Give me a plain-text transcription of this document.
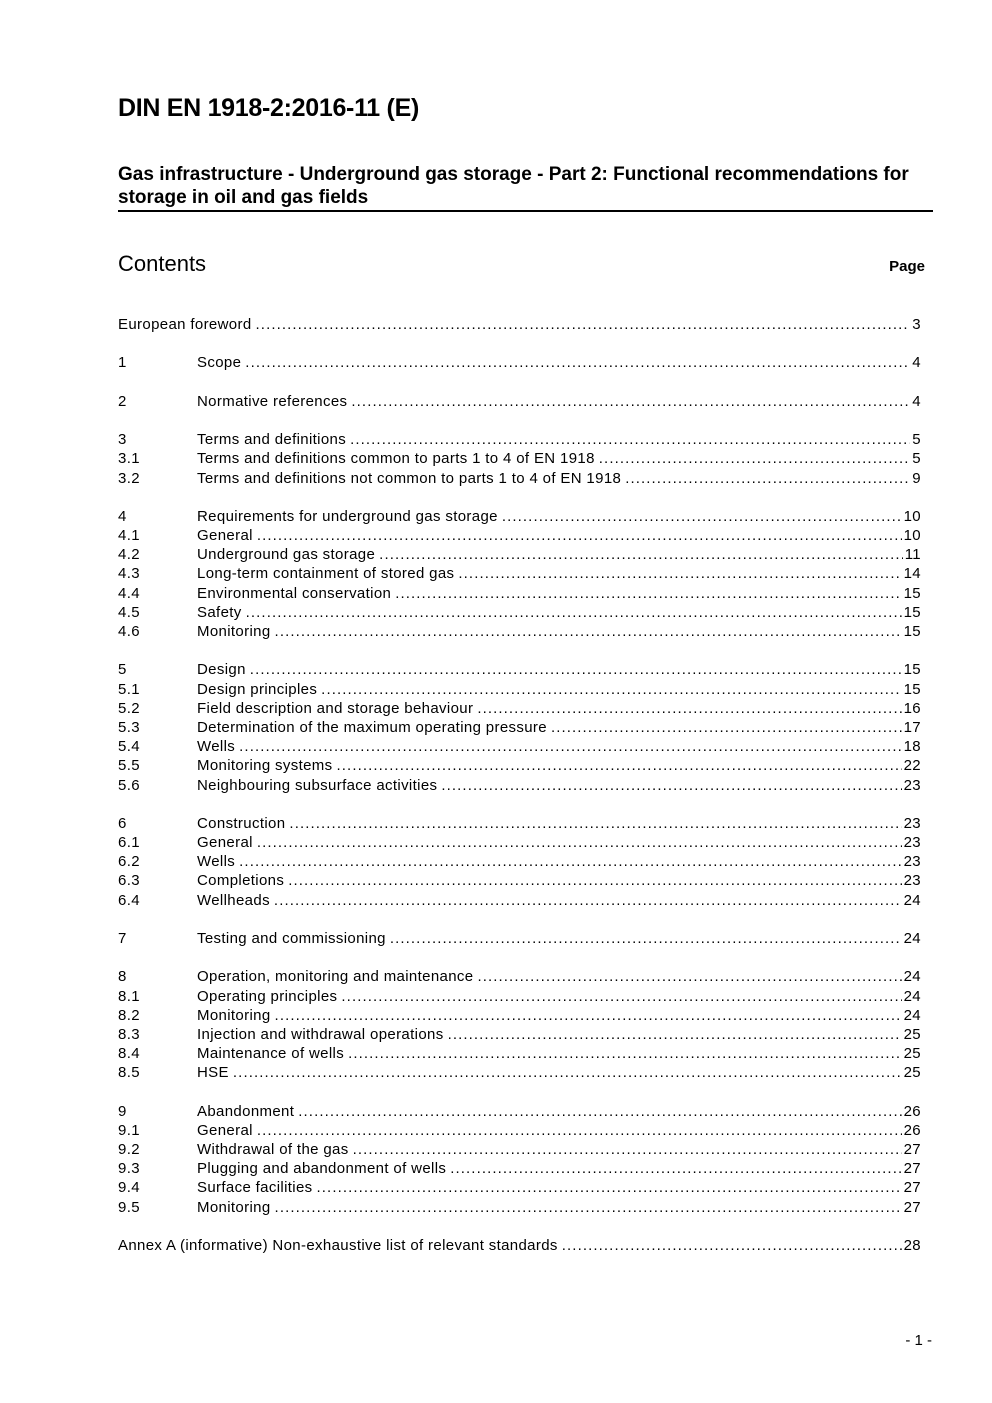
DIN EN 1918-2:2016-11 (E)
Gas infrastructure - Underground gas storage - Part 2: Functional recommendations for storage in oil and gas fields
Contents	Page
European foreword .....	3
1	Scope .....	4
2	Normative references .....	4
3	Terms and definitions .....	5
3.1	Terms and definitions common to parts 1 to 4 of EN 1918 .....	5
3.2	Terms and definitions not common to parts 1 to 4 of EN 1918 .....	9
4	Requirements for underground gas storage .....	10
4.1	General .....	10
4.2	Underground gas storage .....	11
4.3	Long-term containment of stored gas .....	14
4.4	Environmental conservation .....	15
4.5	Safety .....	15
4.6	Monitoring .....	15
5	Design .....	15
5.1	Design principles .....	15
5.2	Field description and storage behaviour .....	16
5.3	Determination of the maximum operating pressure .....	17
5.4	Wells .....	18
5.5	Monitoring systems .....	22
5.6	Neighbouring subsurface activities .....	23
6	Construction .....	23
6.1	General .....	23
6.2	Wells .....	23
6.3	Completions .....	23
6.4	Wellheads .....	24
7	Testing and commissioning .....	24
8	Operation, monitoring and maintenance .....	24
8.1	Operating principles .....	24
8.2	Monitoring .....	24
8.3	Injection and withdrawal operations .....	25
8.4	Maintenance of wells .....	25
8.5	HSE .....	25
9	Abandonment .....	26
9.1	General .....	26
9.2	Withdrawal of the gas .....	27
9.3	Plugging and abandonment of wells .....	27
9.4	Surface facilities .....	27
9.5	Monitoring .....	27
Annex A (informative) Non-exhaustive list of relevant standards .....	28
- 1 -
